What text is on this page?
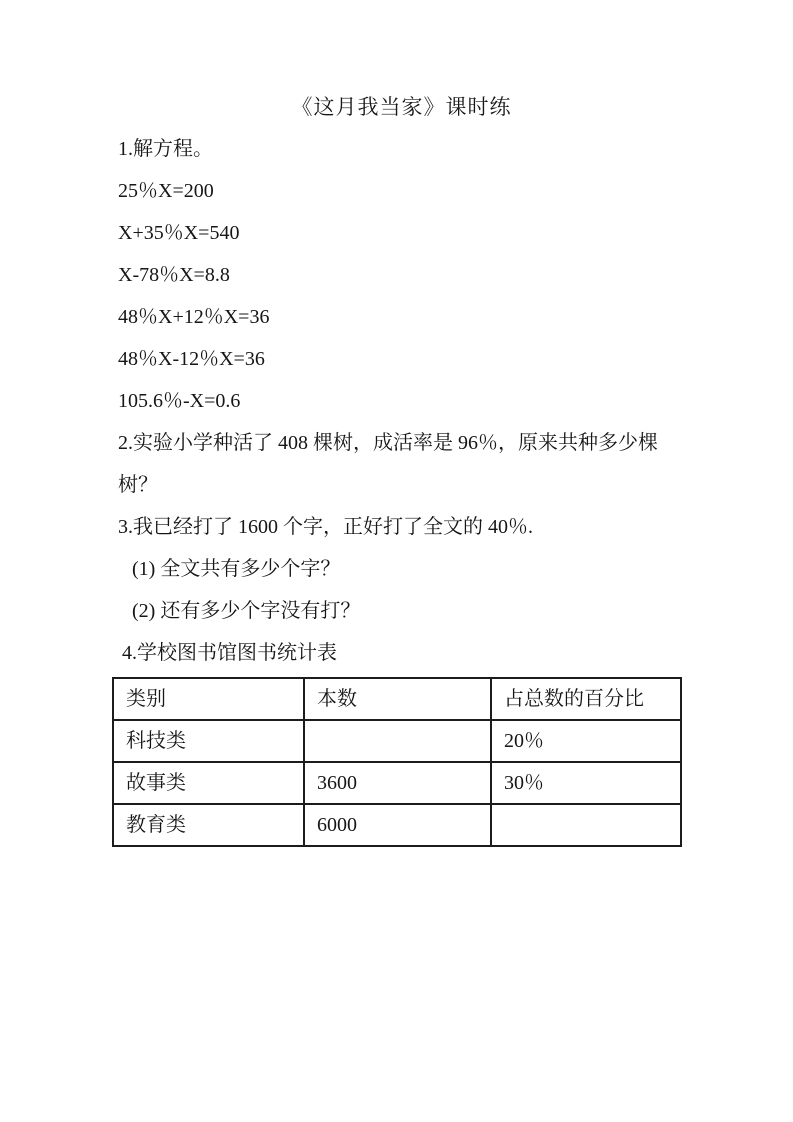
《这月我当家》课时练
1.解方程。
25％X=200
X+35％X=540
X-78％X=8.8
48％X+12％X=36
48％X-12％X=36
105.6％-X=0.6
2.实验小学种活了 408 棵树，成活率是 96％，原来共种多少棵树？
3.我已经打了 1600 个字，正好打了全文的 40％.
(1) 全文共有多少个字？
(2) 还有多少个字没有打？
4.学校图书馆图书统计表
类别	本数	占总数的百分比
科技类		20％
故事类	3600	30％
教育类	6000	
